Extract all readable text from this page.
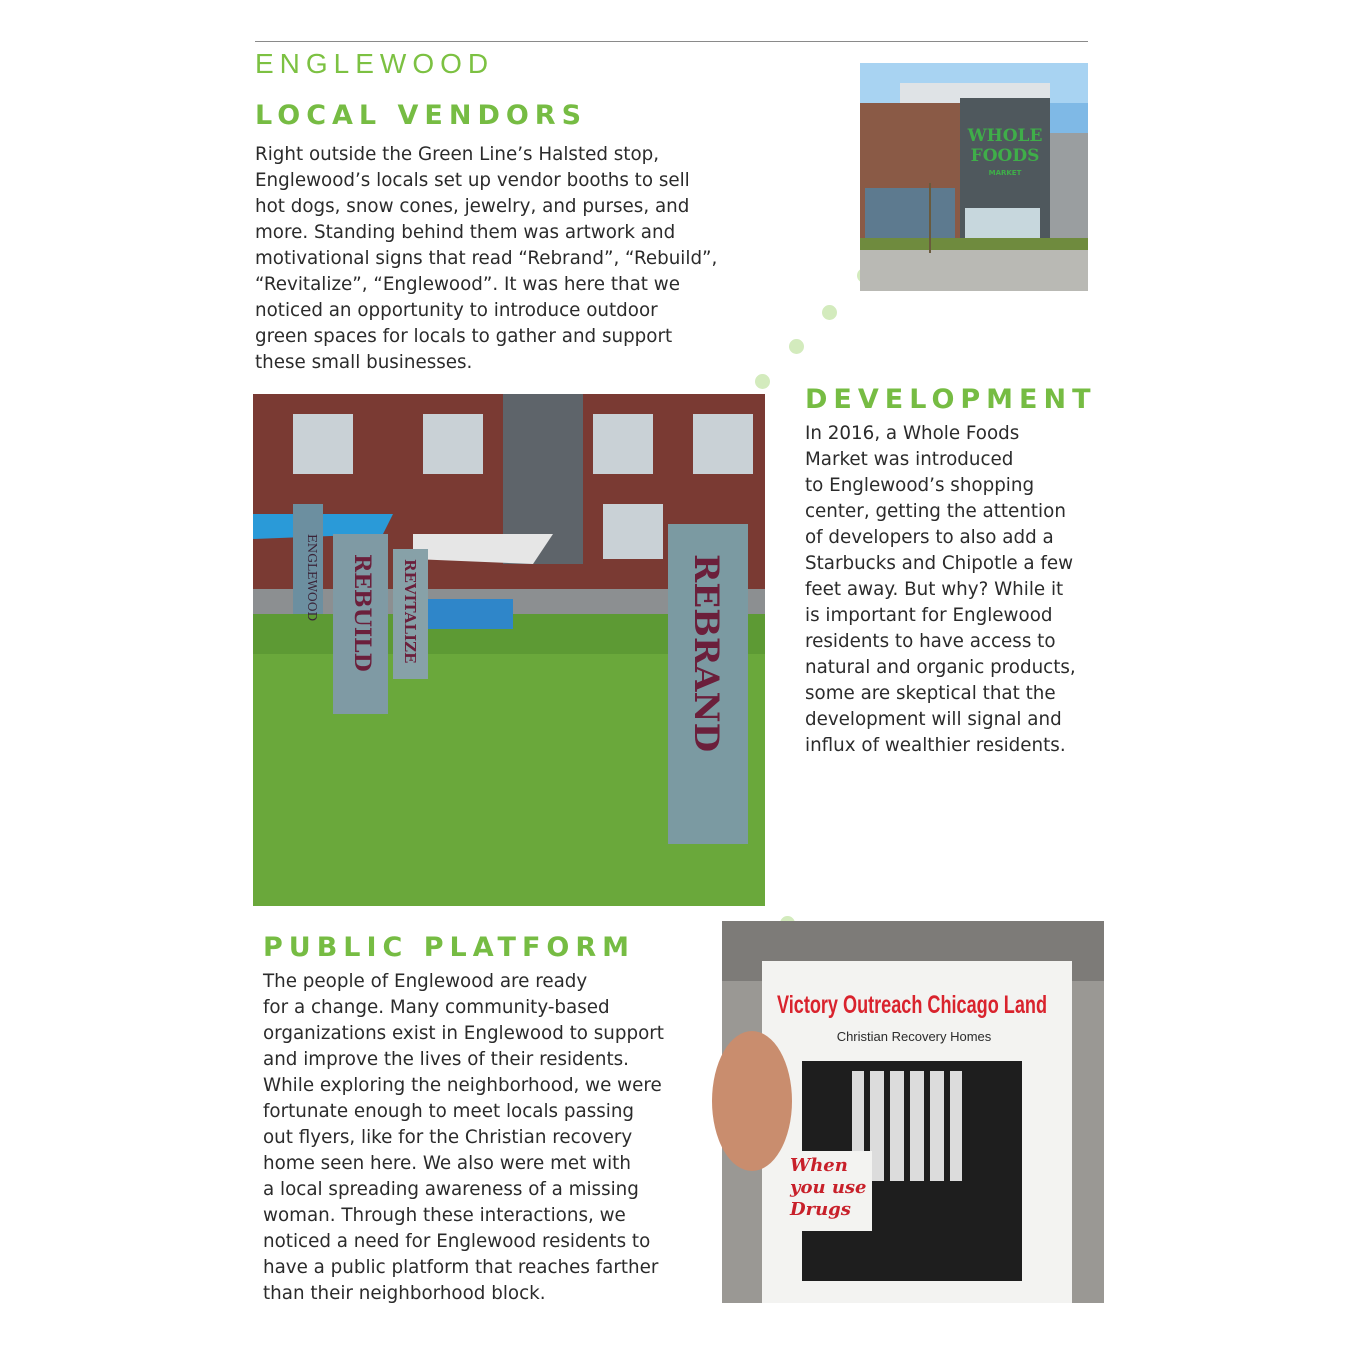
ENGLEWOOD
LOCAL VENDORS
Right outside the Green Line’s Halsted stop,
Englewood’s locals set up vendor booths to sell
hot dogs, snow cones, jewelry, and purses, and
more. Standing behind them was artwork and
motivational signs that read “Rebrand”, “Rebuild”,
“Revitalize”, “Englewood”. It was here that we
noticed an opportunity to introduce outdoor
green spaces for locals to gather and support
these small businesses.
DEVELOPMENT
In 2016, a Whole Foods
Market was introduced
to Englewood’s shopping
center, getting the attention
of developers to also add a
Starbucks and Chipotle a few
feet away. But why? While it
is important for Englewood
residents to have access to
natural and organic products,
some are skeptical that the
development will signal and
influx of wealthier residents.
PUBLIC PLATFORM
The people of Englewood are ready
for a change. Many community-based
organizations exist in Englewood to support
and improve the lives of their residents.
While exploring the neighborhood, we were
fortunate enough to meet locals passing
out flyers, like for the Christian recovery
home seen here. We also were met with
a local spreading awareness of a missing
woman. Through these interactions, we
noticed a need for Englewood residents to
have a public platform that reaches farther
than their neighborhood block.
WHOLE
FOODS
MARKET
ENGLEWOOD REBUILD REVITALIZE	REBRAND
Victory Outreach Chicago Land
Christian Recovery Homes
When
you use
Drugs
